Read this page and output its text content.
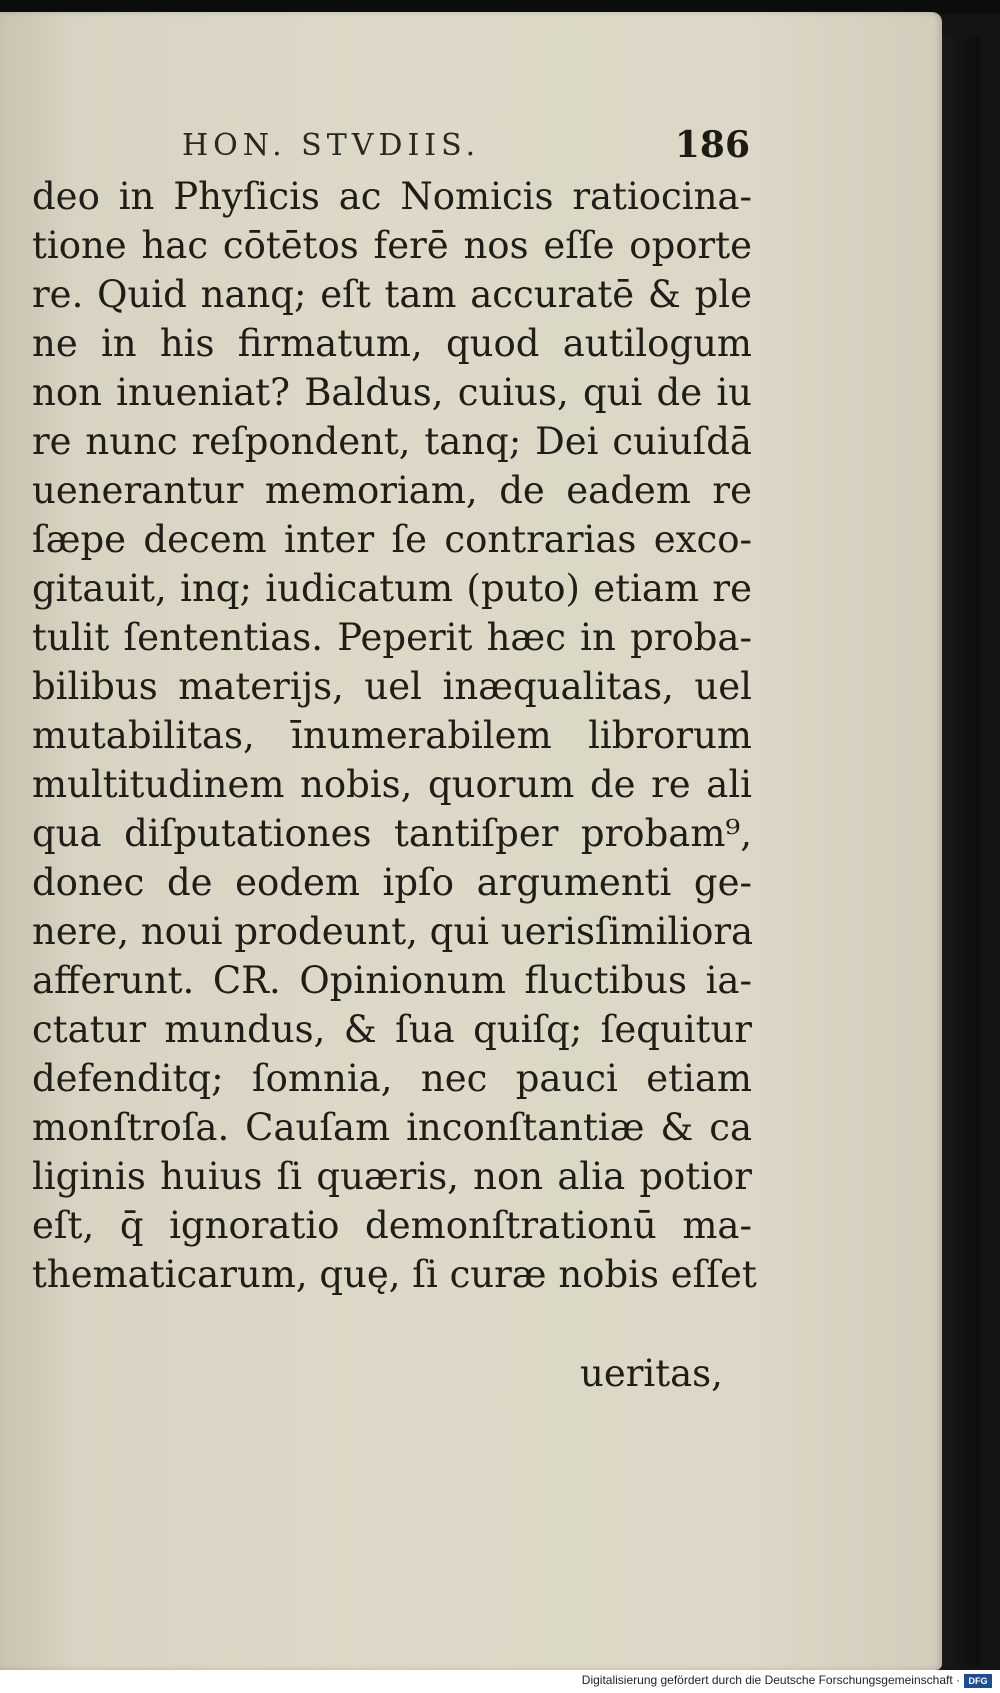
HON. STVDIIS.	186
deo in Phyſicis ac Nomicis ratiocina-
tione hac cōtētos ferē nos eſſe oporte
re. Quid nanq; eſt tam accuratē & ple
ne in his firmatum, quod autilogum
non inueniat? Baldus, cuius, qui de iu
re nunc reſpondent, tanq; Dei cuiuſdā
uenerantur memoriam, de eadem re
ſæpe decem inter ſe contrarias exco-
gitauit, inq; iudicatum (puto) etiam re
tulit ſententias. Peperit hæc in proba-
bilibus materijs, uel inæqualitas, uel
mutabilitas, īnumerabilem librorum
multitudinem nobis, quorum de re ali
qua diſputationes tantiſper probam⁹,
donec de eodem ipſo argumenti ge-
nere, noui prodeunt, qui uerisſimiliora
afferunt. CR. Opinionum fluctibus ia-
ctatur mundus, & ſua quiſq; ſequitur
defenditq; ſomnia, nec pauci etiam
monſtroſa. Cauſam inconſtantiæ & ca
liginis huius ſi quæris, non alia potior
eſt, q̄ ignoratio demonſtrationū ma-
thematicarum, quę, ſi curæ nobis eſſet
ueritas,
Digitalisierung gefördert durch die Deutsche Forschungsgemeinschaft · DFG
